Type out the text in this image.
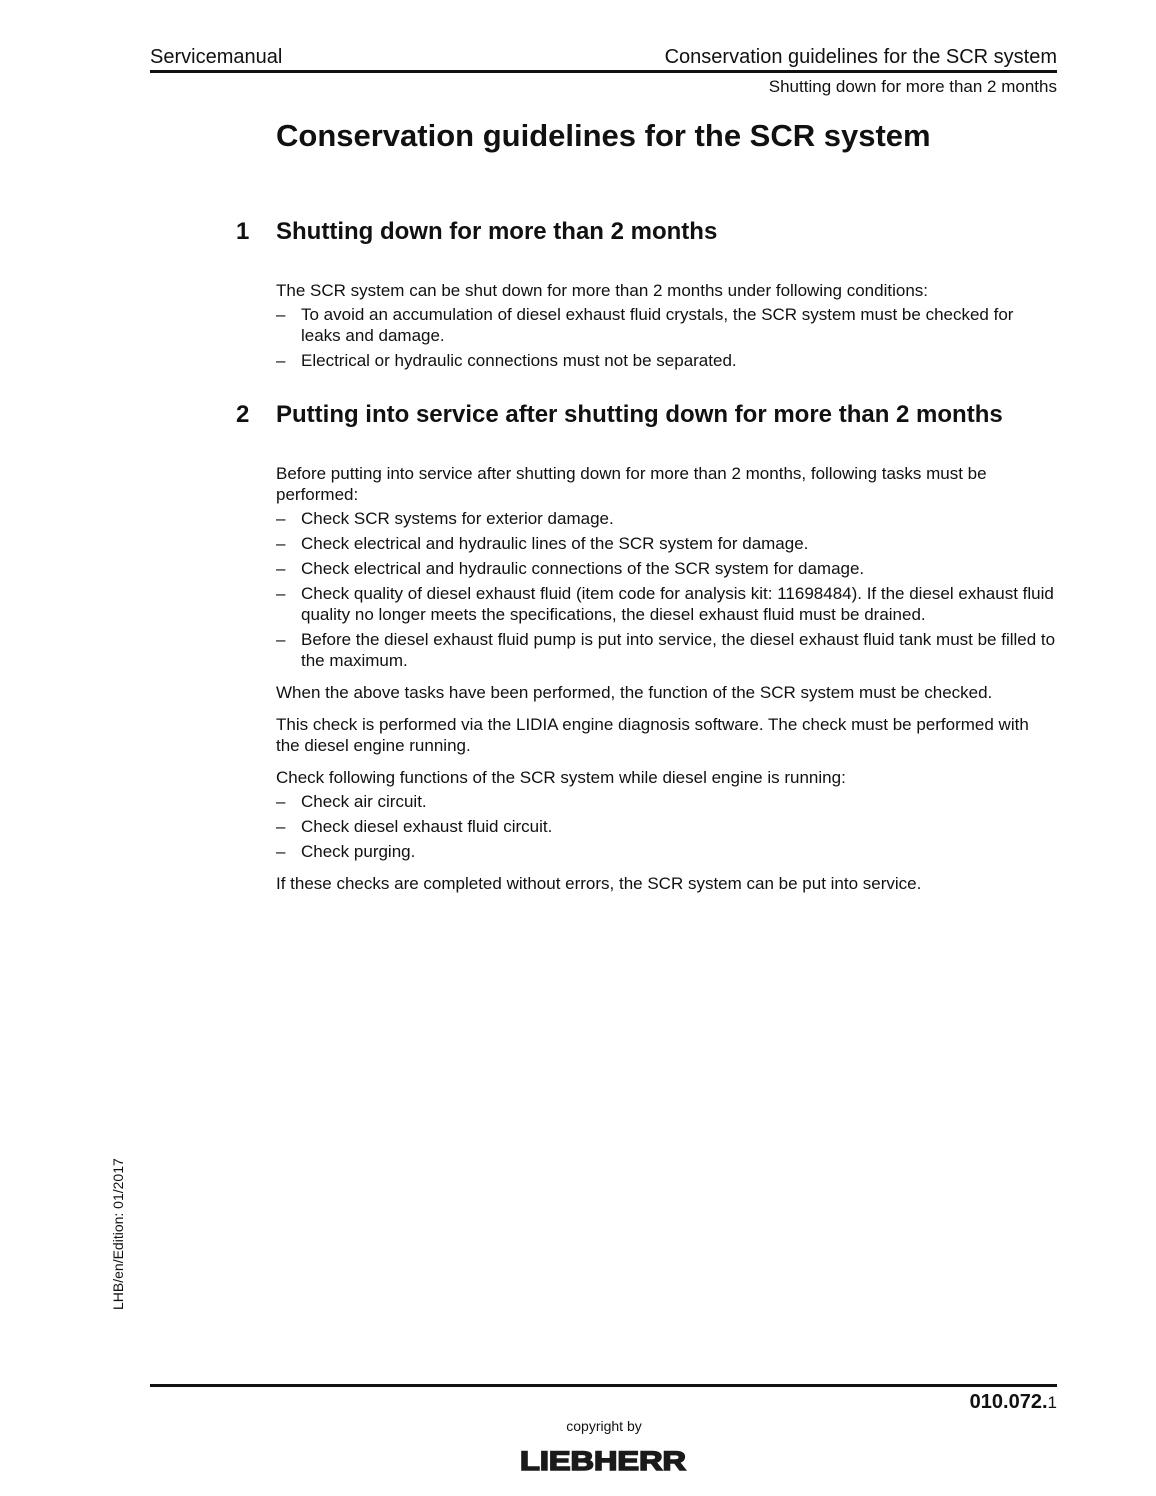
Servicemanual	Conservation guidelines for the SCR system
Shutting down for more than 2 months
Conservation guidelines for the SCR system
1 Shutting down for more than 2 months

The SCR system can be shut down for more than 2 months under following conditions:

– To avoid an accumulation of diesel exhaust fluid crystals, the SCR system must be checked for leaks and damage.
– Electrical or hydraulic connections must not be separated.
2 Putting into service after shutting down for more than 2 months

Before putting into service after shutting down for more than 2 months, following tasks must be performed:

– Check SCR systems for exterior damage.
– Check electrical and hydraulic lines of the SCR system for damage.
– Check electrical and hydraulic connections of the SCR system for damage.
– Check quality of diesel exhaust fluid (item code for analysis kit: 11698484). If the diesel exhaust fluid quality no longer meets the specifications, the diesel exhaust fluid must be drained.
– Before the diesel exhaust fluid pump is put into service, the diesel exhaust fluid tank must be filled to the maximum.

When the above tasks have been performed, the function of the SCR system must be checked.

This check is performed via the LIDIA engine diagnosis software. The check must be performed with the diesel engine running.

Check following functions of the SCR system while diesel engine is running:

– Check air circuit.
– Check diesel exhaust fluid circuit.
– Check purging.

If these checks are completed without errors, the SCR system can be put into service.

LHB/en/Edition: 01/2017
010.072.1
copyright by
LIEBHERR
